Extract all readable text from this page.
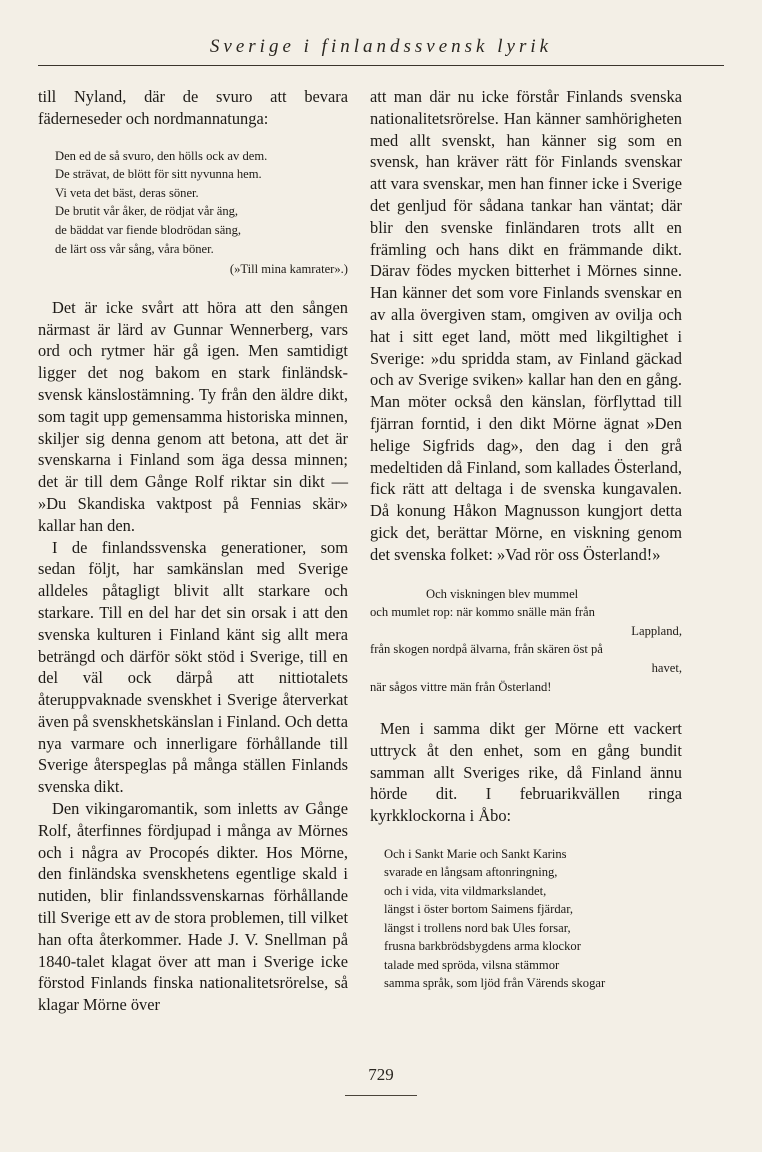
Sverige i finlandssvensk lyrik

till Nyland, där de svuro att bevara fäderneseder och nordmannatunga:

Den ed de så svuro, den hölls ock av dem.
De strävat, de blött för sitt nyvunna hem.
Vi veta det bäst, deras söner.
De brutit vår åker, de rödjat vår äng,
de bäddat var fiende blodrödan säng,
de lärt oss vår sång, våra böner.
(»Till mina kamrater».)

Det är icke svårt att höra att den sången närmast är lärd av Gunnar Wennerberg, vars ord och rytmer här gå igen. Men samtidigt ligger det nog bakom en stark finländsk-svensk känslostämning. Ty från den äldre dikt, som tagit upp gemensamma historiska minnen, skiljer sig denna genom att betona, att det är svenskarna i Finland som äga dessa minnen; det är till dem Gånge Rolf riktar sin dikt — »Du Skandiska vaktpost på Fennias skär» kallar han den.

I de finlandssvenska generationer, som sedan följt, har samkänslan med Sverige alldeles påtagligt blivit allt starkare och starkare. Till en del har det sin orsak i att den svenska kulturen i Finland känt sig allt mera beträngd och därför sökt stöd i Sverige, till en del väl ock därpå att nittiotalets återuppvaknade svenskhet i Sverige återverkat även på svenskhetskänslan i Finland. Och detta nya varmare och innerligare förhållande till Sverige återspeglas på många ställen Finlands svenska dikt.

Den vikingaromantik, som inletts av Gånge Rolf, återfinnes fördjupad i många av Mörnes och i några av Procopés dikter. Hos Mörne, den finländska svenskhetens egentlige skald i nutiden, blir finlandssvenskarnas förhållande till Sverige ett av de stora problemen, till vilket han ofta återkommer. Hade J. V. Snellman på 1840-talet klagat över att man i Sverige icke förstod Finlands finska nationalitetsrörelse, så klagar Mörne över

att man där nu icke förstår Finlands svenska nationalitetsrörelse. Han känner samhörigheten med allt svenskt, han känner sig som en svensk, han kräver rätt för Finlands svenskar att vara svenskar, men han finner icke i Sverige det genljud för sådana tankar han väntat; där blir den svenske finländaren trots allt en främling och hans dikt en främmande dikt. Därav födes mycken bitterhet i Mörnes sinne. Han känner det som vore Finlands svenskar en av alla övergiven stam, omgiven av ovilja och hat i sitt eget land, mött med likgiltighet i Sverige: »du spridda stam, av Finland gäckad och av Sverige sviken» kallar han den en gång. Man möter också den känslan, förflyttad till fjärran forntid, i den dikt Mörne ägnat »Den helige Sigfrids dag», den dag i den grå medeltiden då Finland, som kallades Österland, fick rätt att deltaga i de svenska kungavalen. Då konung Håkon Magnusson kungjort detta gick det, berättar Mörne, en viskning genom det svenska folket: »Vad rör oss Österland!»

Och viskningen blev mummel
och mumlet rop: när kommo snälle män från
Lappland,
från skogen nordpå älvarna, från skären öst på
havet,
när sågos vittre män från Österland!

Men i samma dikt ger Mörne ett vackert uttryck åt den enhet, som en gång bundit samman allt Sveriges rike, då Finland ännu hörde dit. I februarikvällen ringa kyrkklockorna i Åbo:

Och i Sankt Marie och Sankt Karins
svarade en långsam aftonringning,
och i vida, vita vildmarkslandet,
längst i öster bortom Saimens fjärdar,
längst i trollens nord bak Ules forsar,
frusna barkbrödsbygdens arma klockor
talade med spröda, vilsna stämmor
samma språk, som ljöd från Värends skogar
729
